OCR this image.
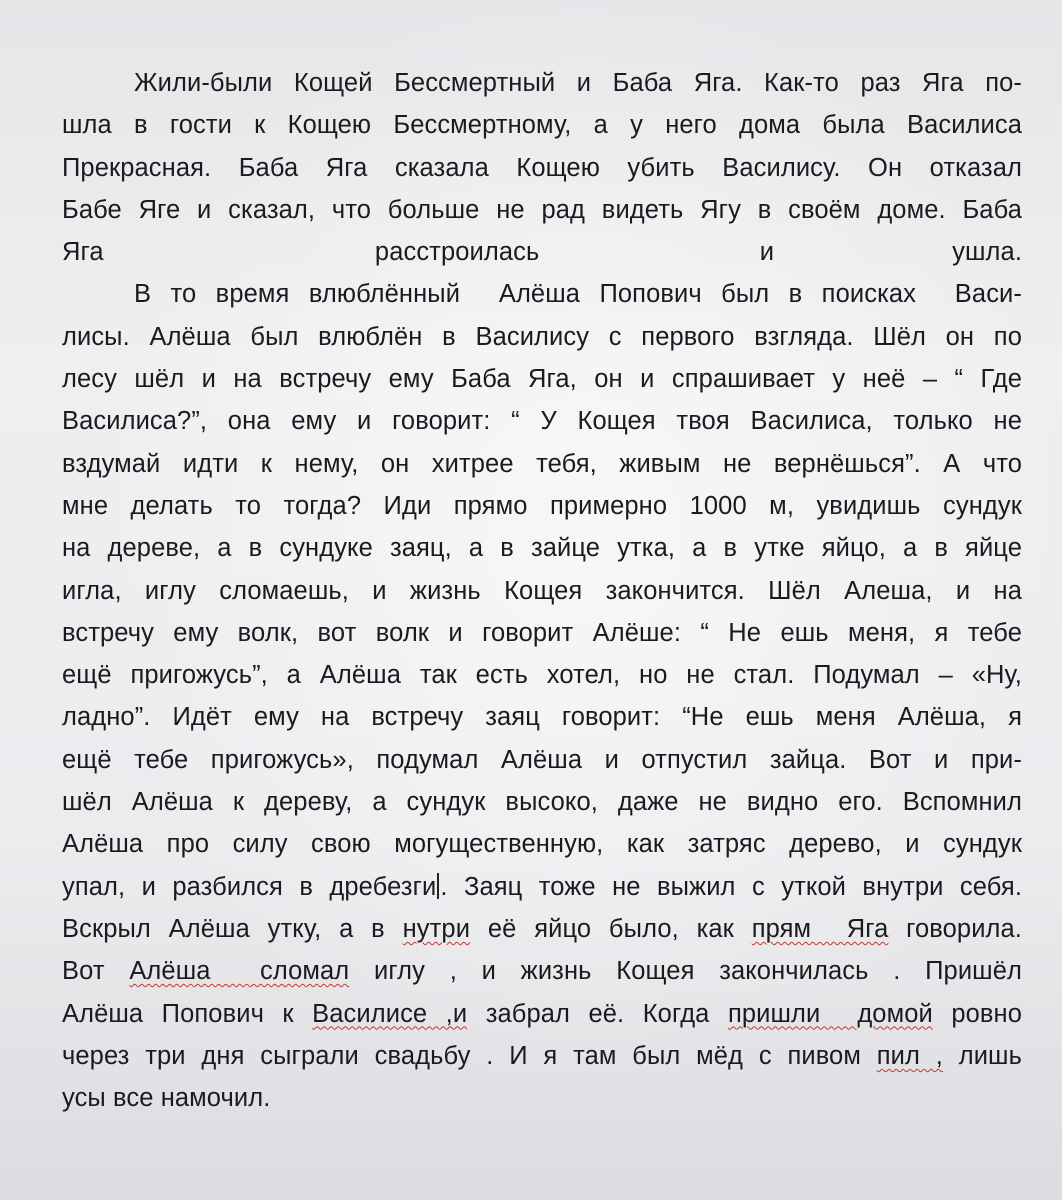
Жили-были Кощей Бессмертный и Баба Яга. Как-то раз Яга по-
шла в гости к Кощею Бессмертному, а у него дома была Василиса
Прекрасная. Баба Яга сказала Кощею убить Василису. Он отказал
Бабе Яге и сказал, что больше не рад видеть Ягу в своём доме. Баба
Яга                                расстроилась                          и                     ушла.
В то время влюблённый  Алёша Попович был в поисках  Васи-
лисы. Алёша был влюблён в Василису с первого взгляда. Шёл он по
лесу шёл и на встречу ему Баба Яга, он и спрашивает у неё – “ Где
Василиса?”, она ему и говорит: “ У Кощея твоя Василиса, только не
вздумай идти к нему, он хитрее тебя, живым не вернёшься”. А что
мне делать то тогда? Иди прямо примерно 1000 м, увидишь сундук
на дереве, а в сундуке заяц, а в зайце утка, а в утке яйцо, а в яйце
игла, иглу сломаешь, и жизнь Кощея закончится. Шёл Алеша, и на
встречу ему волк, вот волк и говорит Алёше: “ Не ешь меня, я тебе
ещё пригожусь”, а Алёша так есть хотел, но не стал. Подумал – «Ну,
ладно”. Идёт ему на встречу заяц говорит: “Не ешь меня Алёша, я
ещё тебе пригожусь», подумал Алёша и отпустил зайца. Вот и при-
шёл Алёша к дереву, а сундук высоко, даже не видно его. Вспомнил
Алёша про силу свою могущественную, как затряс дерево, и сундук
упал, и разбился в дребезги . Заяц тоже не выжил с уткой внутри себя.
Вскрыл Алёша утку, а в нутри её яйцо было, как прям  Яга говорила.
Вот Алёша  сломал иглу , и жизнь Кощея закончилась . Пришёл
Алёша Попович к Василисе ,и забрал её. Когда пришли  домой ровно
через три дня сыграли свадьбу . И я там был мёд с пивом пил , лишь
усы все намочил.
